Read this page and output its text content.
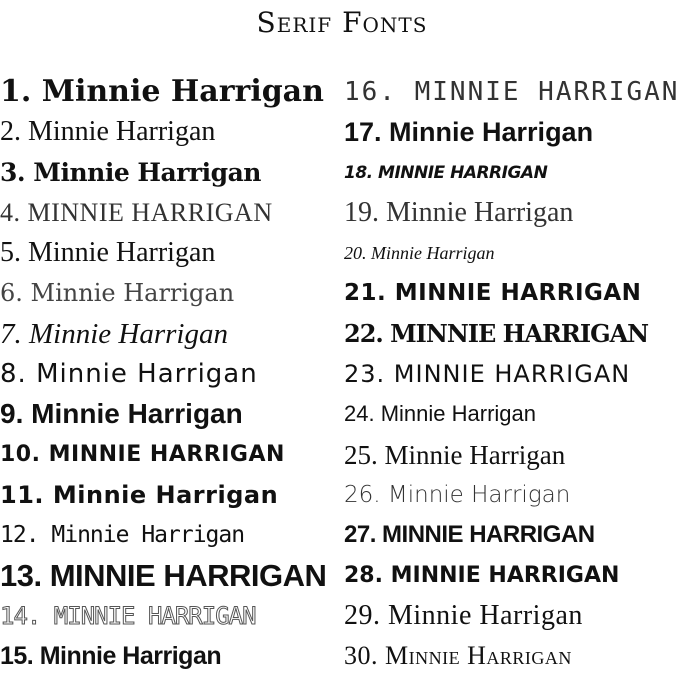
Serif Fonts
1. Minnie Harrigan
2. Minnie Harrigan
3. Minnie Harrigan
4. MINNIE HARRIGAN
5. Minnie Harrigan
6. Minnie Harrigan
7. Minnie Harrigan
8. Minnie Harrigan
9. Minnie Harrigan
10. MINNIE HARRIGAN
11. Minnie Harrigan
12. Minnie Harrigan
13. MINNIE HARRIGAN
14. MINNIE HARRIGAN
15. Minnie Harrigan
16. MINNIE HARRIGAN
17. Minnie Harrigan
18. MINNIE HARRIGAN
19. Minnie Harrigan
20. Minnie Harrigan
21. MINNIE HARRIGAN
22. MINNIE HARRIGAN
23. MINNIE HARRIGAN
24. Minnie Harrigan
25. Minnie Harrigan
26. Minnie Harrigan
27. MINNIE HARRIGAN
28. MINNIE HARRIGAN
29. Minnie Harrigan
30. Minnie Harrigan
